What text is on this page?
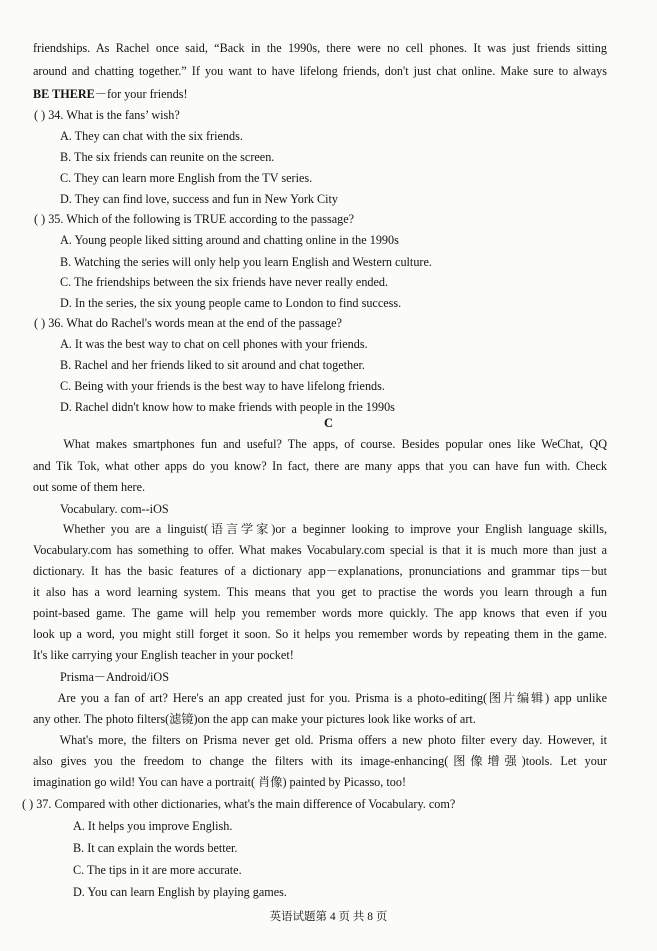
friendships. As Rachel once said, “Back in the 1990s, there were no cell phones. It was just friends sitting
around and chatting together.” If you want to have lifelong friends, don't just chat online. Make sure to always
BE THERE－for your friends!
( ) 34. What is the fans’ wish?
A. They can chat with the six friends.
B. The six friends can reunite on the screen.
C. They can learn more English from the TV series.
D. They can find love, success and fun in New York City
( ) 35. Which of the following is TRUE according to the passage?
A. Young people liked sitting around and chatting online in the 1990s
B. Watching the series will only help you learn English and Western culture.
C. The friendships between the six friends have never really ended.
D. In the series, the six young people came to London to find success.
( ) 36. What do Rachel's words mean at the end of the passage?
A. It was the best way to chat on cell phones with your friends.
B. Rachel and her friends liked to sit around and chat together.
C. Being with your friends is the best way to have lifelong friends.
D. Rachel didn't know how to make friends with people in the 1990s
C
What makes smartphones fun and useful? The apps, of course. Besides popular ones like WeChat, QQ
and Tik Tok, what other apps do you know? In fact, there are many apps that you can have fun with. Check
out some of them here.
Vocabulary. com--iOS
Whether you are a linguist(语言学家)or a beginner looking to improve your English language skills,
Vocabulary.com has something to offer. What makes Vocabulary.com special is that it is much more than just a
dictionary. It has the basic features of a dictionary app－explanations, pronunciations and grammar tips－but
it also has a word learning system. This means that you get to practise the words you learn through a fun
point-based game. The game will help you remember words more quickly. The app knows that even if you
look up a word, you might still forget it soon. So it helps you remember words by repeating them in the game.
It's like carrying your English teacher in your pocket!
Prisma－Android/iOS
Are you a fan of art? Here's an app created just for you. Prisma is a photo-editing(图片编辑) app unlike
any other. The photo filters(滤镜)on the app can make your pictures look like works of art.
What's more, the filters on Prisma never get old. Prisma offers a new photo filter every day. However, it
also gives you the freedom to change the filters with its image-enhancing(图像增强)tools. Let your
imagination go wild! You can have a portrait( 肖像) painted by Picasso, too!
( ) 37. Compared with other dictionaries, what's the main difference of Vocabulary. com?
A. It helps you improve English.
B. It can explain the words better.
C. The tips in it are more accurate.
D. You can learn English by playing games.
英语试题第 4 页 共 8 页
